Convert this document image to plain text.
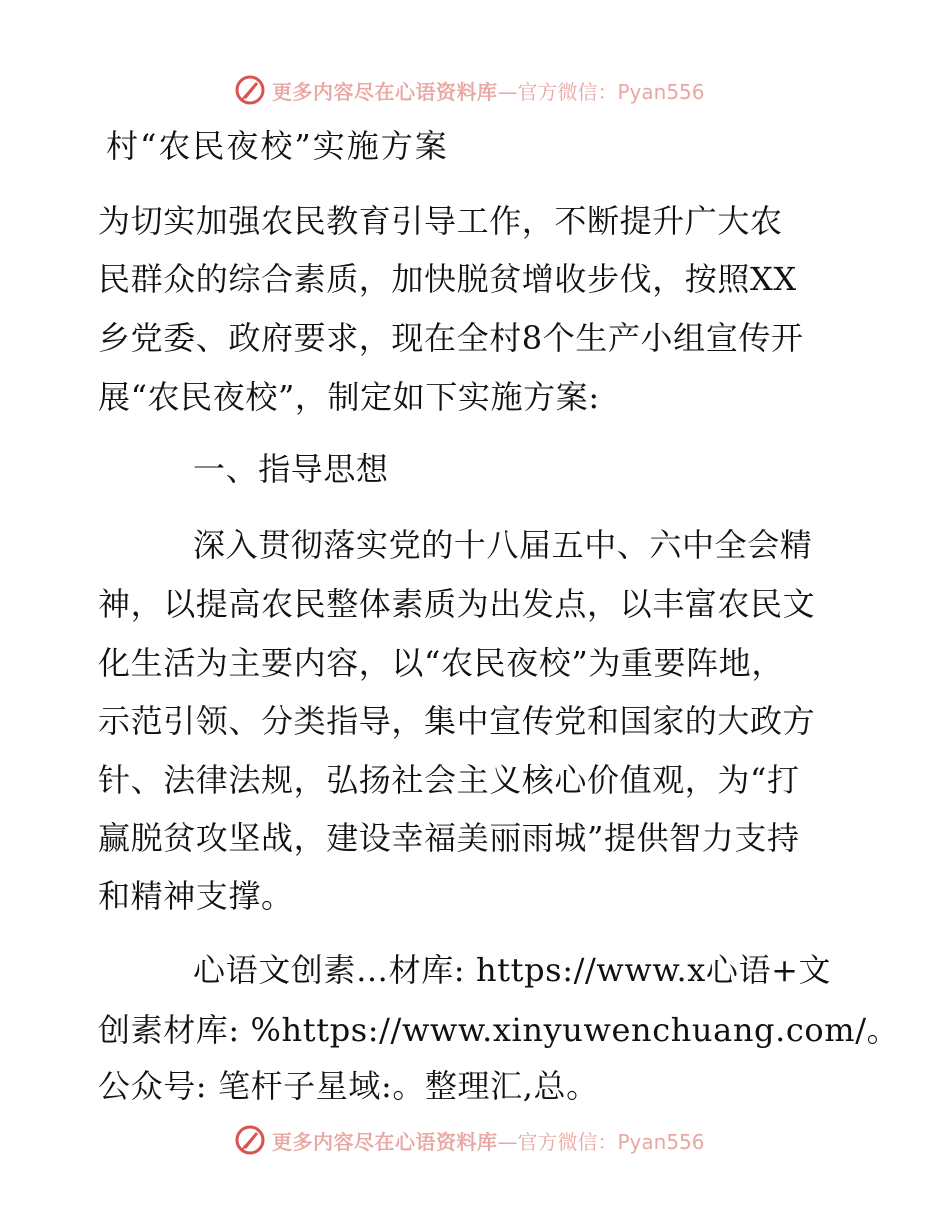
更多内容尽在心语资料库 —官方微信：Pyan556
村“农民夜校”实施方案
为切实加强农民教育引导工作，不断提升广大农
民群众的综合素质，加快脱贫增收步伐，按照XX
乡党委、政府要求，现在全村8个生产小组宣传开
展“农民夜校”，制定如下实施方案:
一、指导思想
深入贯彻落实党的十八届五中、六中全会精
神，以提高农民整体素质为出发点，以丰富农民文
化生活为主要内容，以“农民夜校”为重要阵地，
示范引领、分类指导，集中宣传党和国家的大政方
针、法律法规，弘扬社会主义核心价值观，为“打
赢脱贫攻坚战，建设幸福美丽雨城”提供智力支持
和精神支撑。
心语文创素…材库: https://www.x心语+文
创素材库: %https://www.xinyuwenchuang.com/。
公众号: 笔杆子星域:。整理汇,总。
更多内容尽在心语资料库 —官方微信：Pyan556
